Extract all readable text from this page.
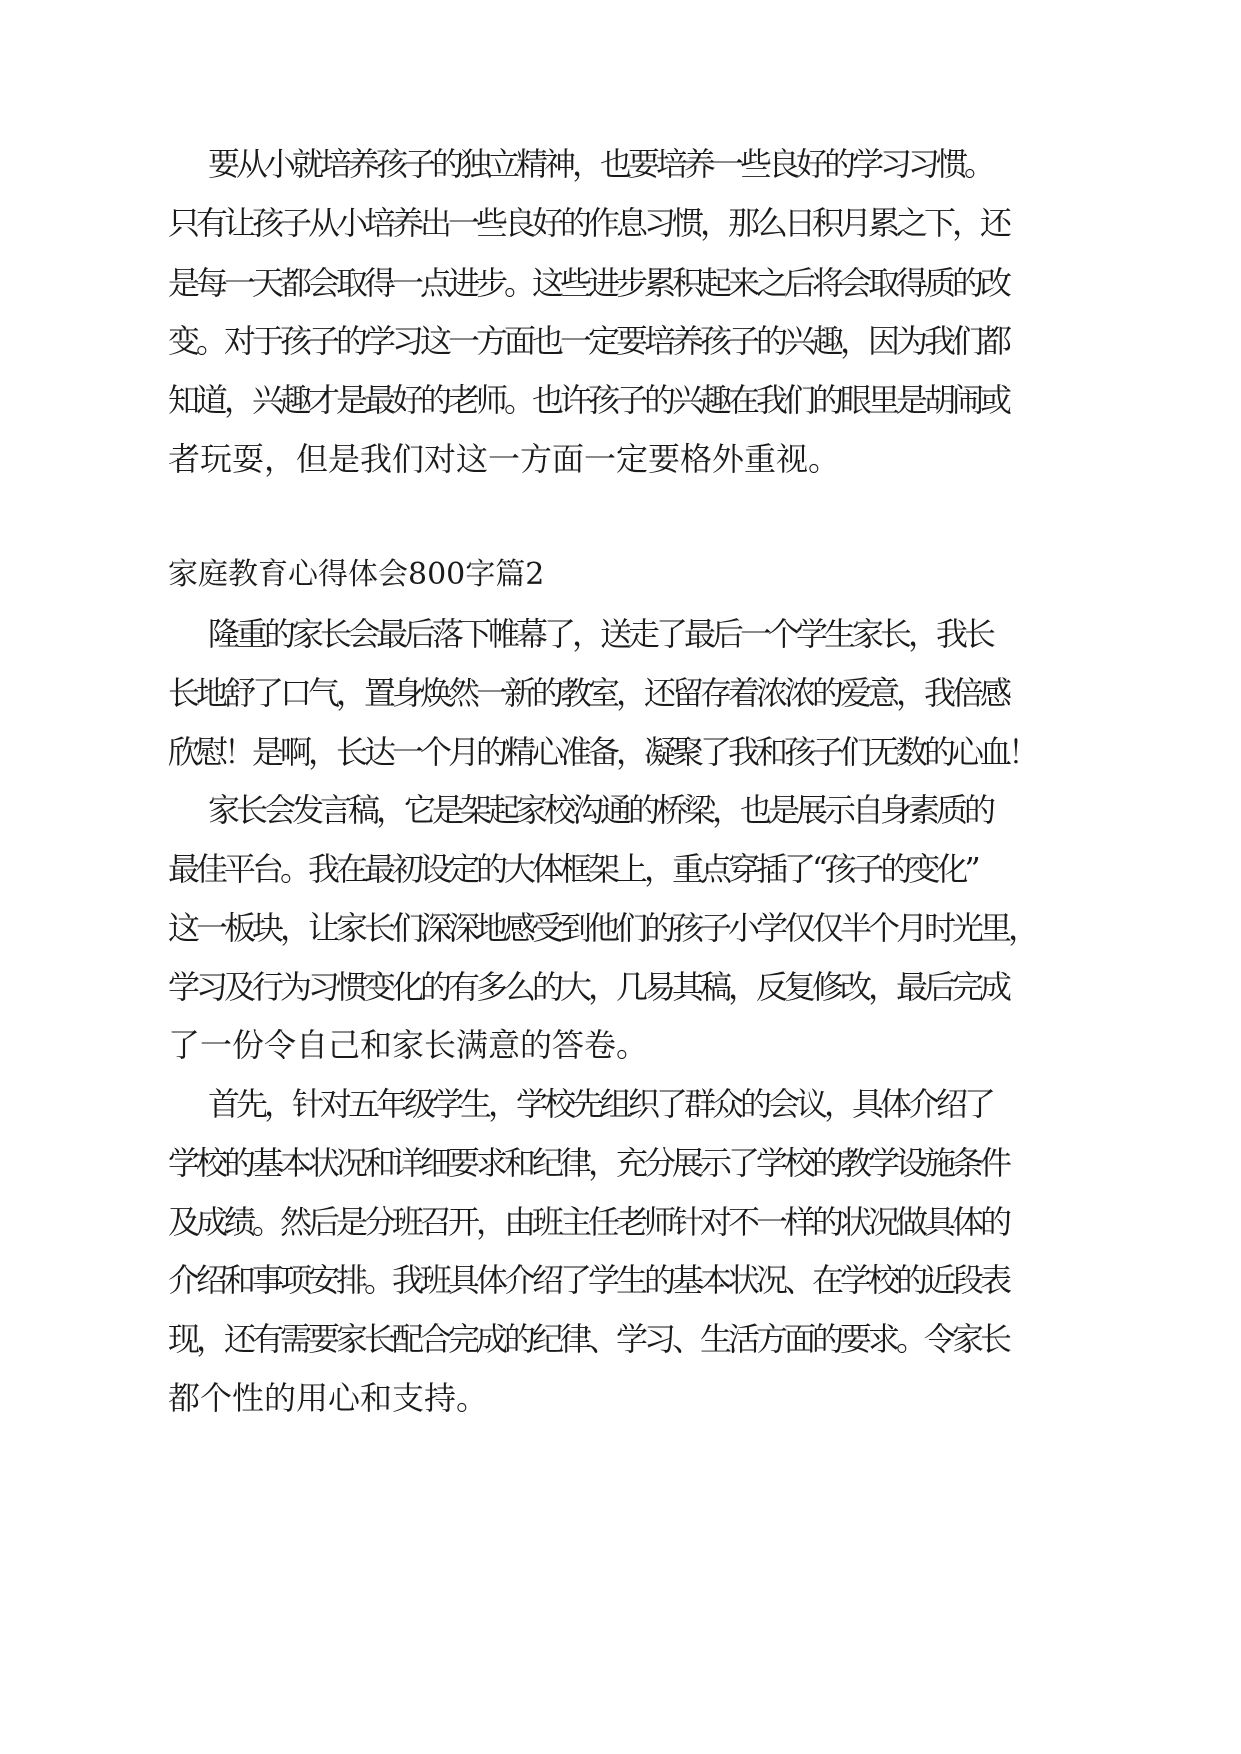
要从小就培养孩子的独立精神，也要培养一些良好的学习习惯。
只有让孩子从小培养出一些良好的作息习惯，那么日积月累之下，还
是每一天都会取得一点进步。这些进步累积起来之后将会取得质的改
变。对于孩子的学习这一方面也一定要培养孩子的兴趣，因为我们都
知道，兴趣才是最好的老师。也许孩子的兴趣在我们的眼里是胡闹或
者玩耍，但是我们对这一方面一定要格外重视。
家庭教育心得体会800字篇2
隆重的家长会最后落下帷幕了，送走了最后一个学生家长，我长
长地舒了口气，置身焕然一新的教室，还留存着浓浓的爱意，我倍感
欣慰！是啊，长达一个月的精心准备，凝聚了我和孩子们无数的心血！
家长会发言稿，它是架起家校沟通的桥梁，也是展示自身素质的
最佳平台。我在最初设定的大体框架上，重点穿插了“孩子的变化”
这一板块，让家长们深深地感受到他们的孩子小学仅仅半个月时光里，
学习及行为习惯变化的有多么的大，几易其稿，反复修改，最后完成
了一份令自己和家长满意的答卷。
首先，针对五年级学生，学校先组织了群众的会议，具体介绍了
学校的基本状况和详细要求和纪律，充分展示了学校的教学设施条件
及成绩。然后是分班召开，由班主任老师针对不一样的状况做具体的
介绍和事项安排。我班具体介绍了学生的基本状况、在学校的近段表
现，还有需要家长配合完成的纪律、学习、生活方面的要求。令家长
都个性的用心和支持。
